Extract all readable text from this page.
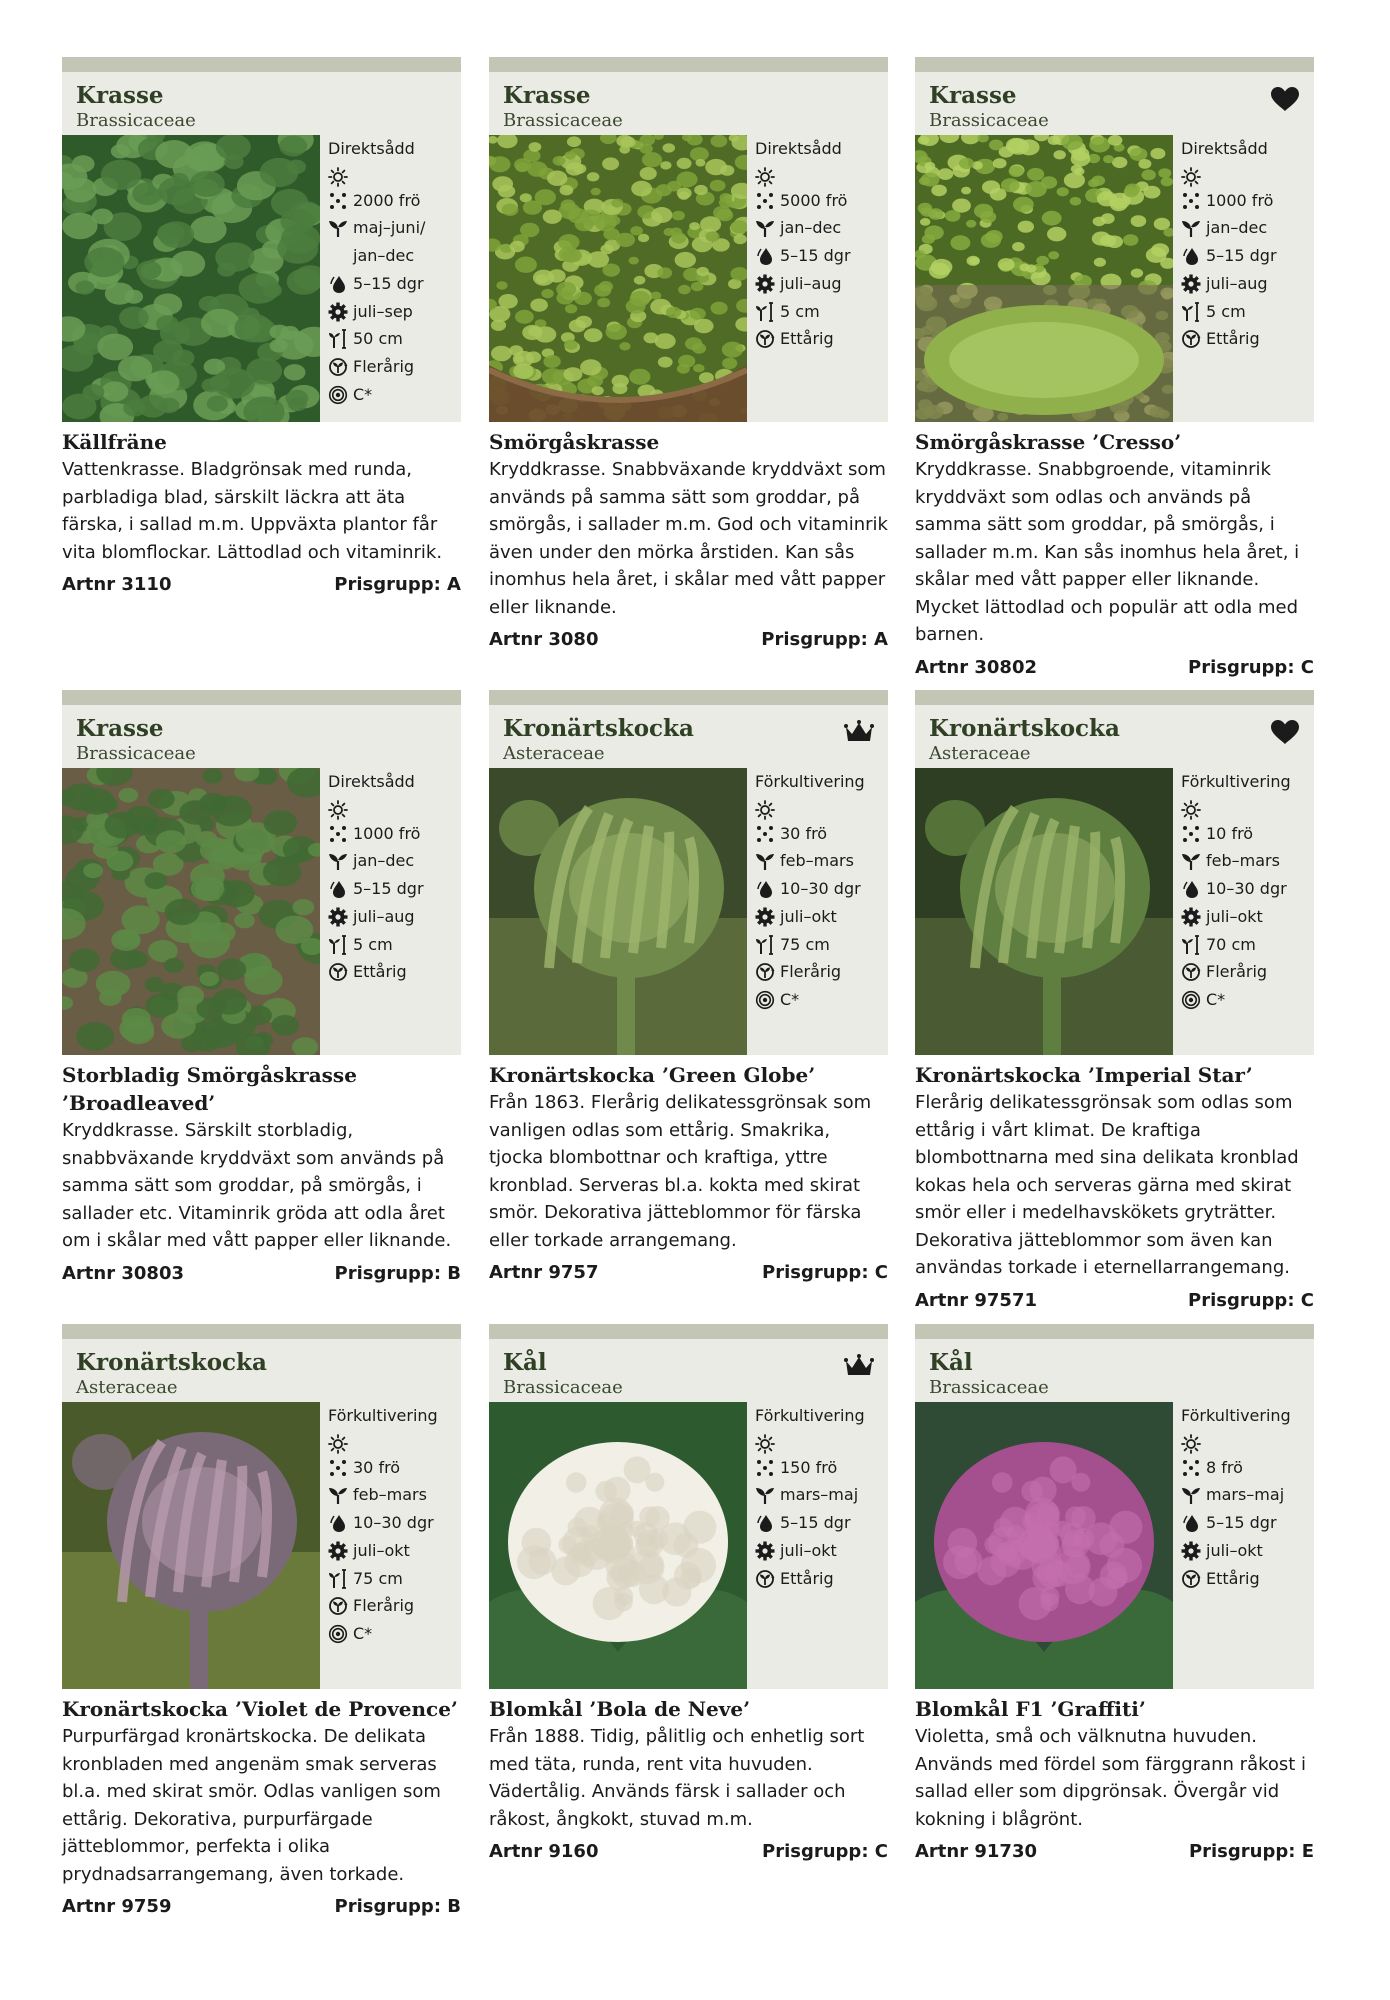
Krasse
Brassicaceae
Direktsådd
2000 frö
maj–juni/ jan–dec
5–15 dgr
juli–sep
50 cm
Flerårig
C*
Källfräne
Vattenkrasse. Bladgrönsak med runda, parbladiga blad, särskilt läckra att äta färska, i sallad m.m. Uppväxta plantor får vita blomflockar. Lättodlad och vitaminrik.
Artnr 3110	Prisgrupp: A
Krasse
Brassicaceae
Direktsådd
5000 frö
jan–dec
5–15 dgr
juli–aug
5 cm
Ettårig
Smörgåskrasse
Kryddkrasse. Snabbväxande kryddväxt som används på samma sätt som groddar, på smörgås, i sallader m.m. God och vitaminrik även under den mörka årstiden. Kan sås inomhus hela året, i skålar med vått papper eller liknande.
Artnr 3080	Prisgrupp: A
Krasse
Brassicaceae
Direktsådd
1000 frö
jan–dec
5–15 dgr
juli–aug
5 cm
Ettårig
Smörgåskrasse ’Cresso’
Kryddkrasse. Snabbgroende, vitaminrik kryddväxt som odlas och används på samma sätt som groddar, på smörgås, i sallader m.m. Kan sås inomhus hela året, i skålar med vått papper eller liknande. Mycket lättodlad och populär att odla med barnen.
Artnr 30802	Prisgrupp: C
Krasse
Brassicaceae
Direktsådd
1000 frö
jan–dec
5–15 dgr
juli–aug
5 cm
Ettårig
Storbladig Smörgåskrasse ’Broadleaved’
Kryddkrasse. Särskilt storbladig, snabbväxande kryddväxt som används på samma sätt som groddar, på smörgås, i sallader etc. Vitaminrik gröda att odla året om i skålar med vått papper eller liknande.
Artnr 30803	Prisgrupp: B
Kronärtskocka
Asteraceae
Förkultivering
30 frö
feb–mars
10–30 dgr
juli–okt
75 cm
Flerårig
C*
Kronärtskocka ’Green Globe’
Från 1863. Flerårig delikatessgrönsak som vanligen odlas som ettårig. Smakrika, tjocka blombottnar och kraftiga, yttre kronblad. Serveras bl.a. kokta med skirat smör. Dekorativa jätteblommor för färska eller torkade arrangemang.
Artnr 9757	Prisgrupp: C
Kronärtskocka
Asteraceae
Förkultivering
10 frö
feb–mars
10–30 dgr
juli–okt
70 cm
Flerårig
C*
Kronärtskocka ’Imperial Star’
Flerårig delikatessgrönsak som odlas som ettårig i vårt klimat. De kraftiga blombottnarna med sina delikata kronblad kokas hela och serveras gärna med skirat smör eller i medelhavskökets gryträtter. Dekorativa jätteblommor som även kan användas torkade i eternellarrangemang.
Artnr 97571	Prisgrupp: C
Kronärtskocka
Asteraceae
Förkultivering
30 frö
feb–mars
10–30 dgr
juli–okt
75 cm
Flerårig
C*
Kronärtskocka ’Violet de Provence’
Purpurfärgad kronärtskocka. De delikata kronbladen med angenäm smak serveras bl.a. med skirat smör. Odlas vanligen som ettårig. Dekorativa, purpurfärgade jätteblommor, perfekta i olika prydnadsarrangemang, även torkade.
Artnr 9759	Prisgrupp: B
Kål
Brassicaceae
Förkultivering
150 frö
mars–maj
5–15 dgr
juli–okt
Ettårig
Blomkål ’Bola de Neve’
Från 1888. Tidig, pålitlig och enhetlig sort med täta, runda, rent vita huvuden. Vädertålig. Används färsk i sallader och råkost, ångkokt, stuvad m.m.
Artnr 9160	Prisgrupp: C
Kål
Brassicaceae
Förkultivering
8 frö
mars–maj
5–15 dgr
juli–okt
Ettårig
Blomkål F1 ’Graffiti’
Violetta, små och välknutna huvuden. Används med fördel som färggrann råkost i sallad eller som dipgrönsak. Övergår vid kokning i blågrönt.
Artnr 91730	Prisgrupp: E
